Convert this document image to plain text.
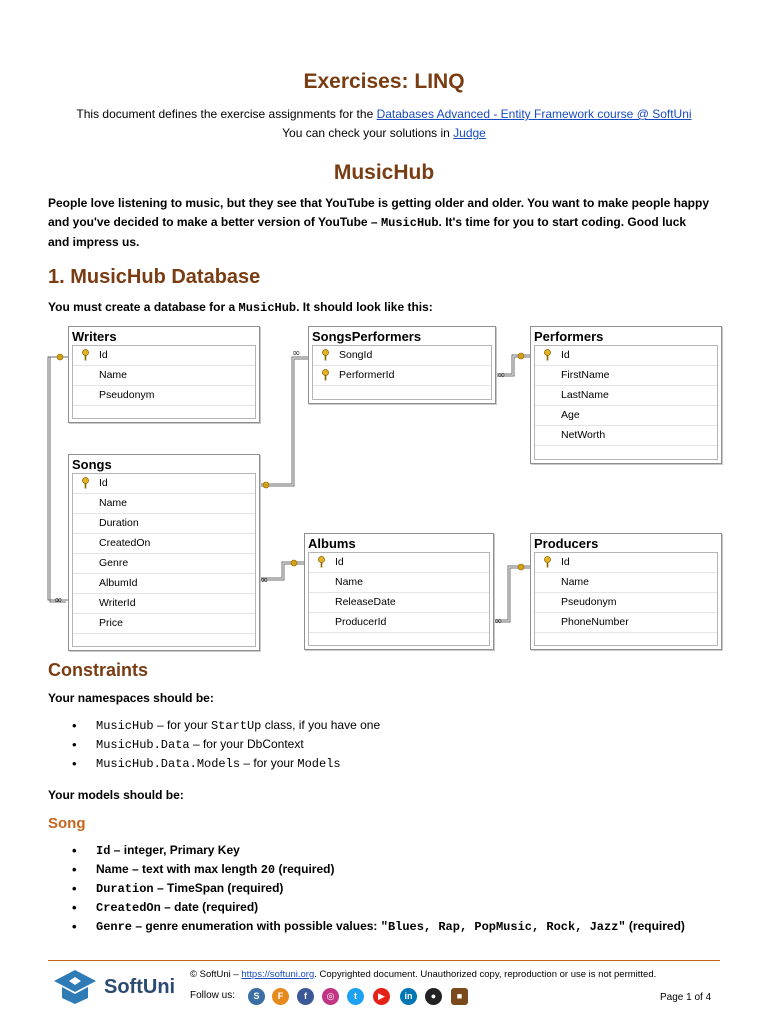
Exercises: LINQ
This document defines the exercise assignments for the Databases Advanced - Entity Framework course @ SoftUni
You can check your solutions in Judge
MusicHub
People love listening to music, but they see that YouTube is getting older and older. You want to make people happy
and you've decided to make a better version of YouTube – MusicHub. It's time for you to start coding. Good luck
and impress us.
1. MusicHub Database
You must create a database for a MusicHub. It should look like this:
∞
∞
∞
∞
∞
Writers
Id
Name
Pseudonym
SongsPerformers
SongId
PerformerId
Performers
Id
FirstName
LastName
Age
NetWorth
Songs
Id
Name
Duration
CreatedOn
Genre
AlbumId
WriterId
Price
Albums
Id
Name
ReleaseDate
ProducerId
Producers
Id
Name
Pseudonym
PhoneNumber
Constraints
Your namespaces should be:
• MusicHub – for your StartUp class, if you have one
• MusicHub.Data – for your DbContext
• MusicHub.Data.Models – for your Models
Your models should be:
Song
• Id – integer, Primary Key
• Name – text with max length 20 (required)
• Duration – TimeSpan (required)
• CreatedOn – date (required)
• Genre – genre enumeration with possible values: "Blues, Rap, PopMusic, Rock, Jazz" (required)
SoftUni
© SoftUni – https://softuni.org. Copyrighted document. Unauthorized copy, reproduction or use is not permitted.
Follow us:	S	F	f	◎	t	▶	in	●	■	Page 1 of 4
